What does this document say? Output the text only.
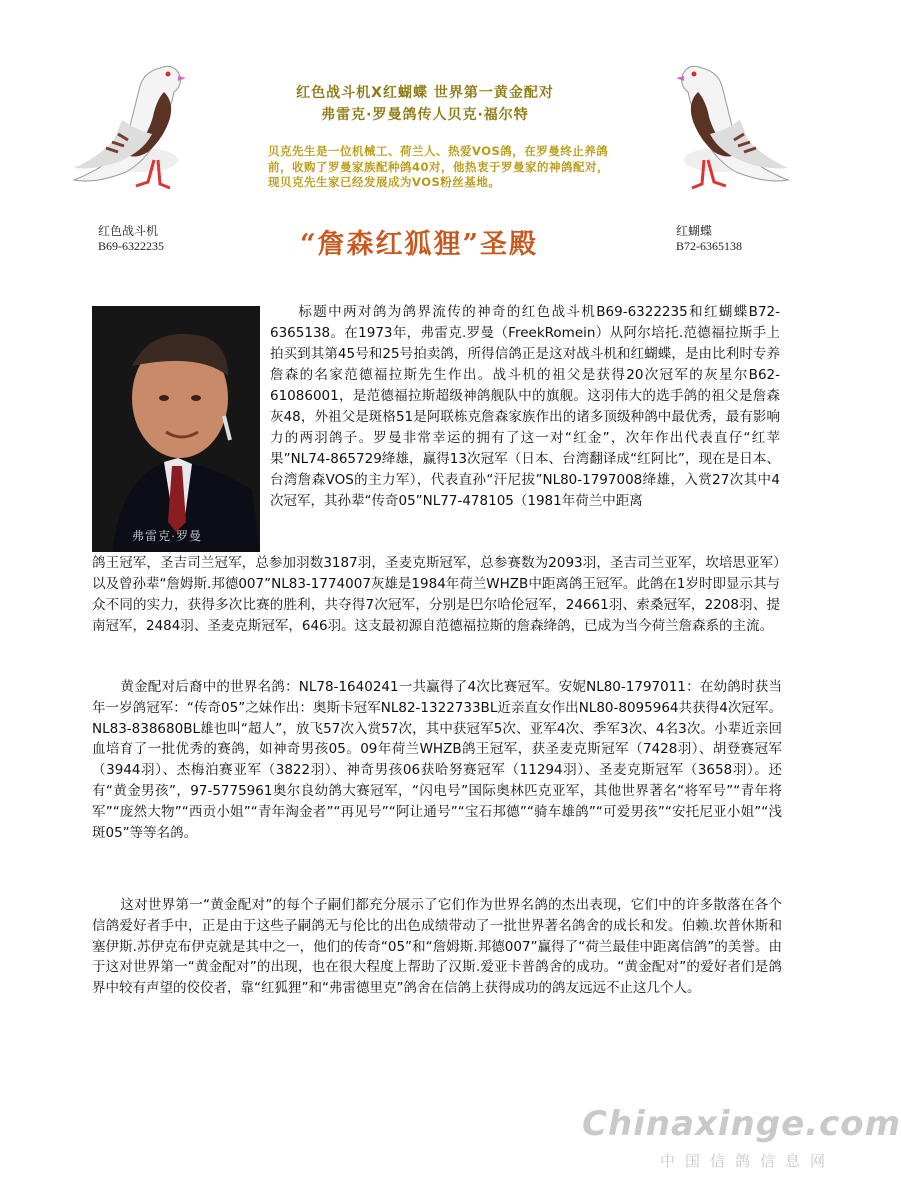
红色战斗机
B69-6322235
红蝴蝶
B72-6365138
红色战斗机X红蝴蝶 世界第一黄金配对
弗雷克·罗曼鸽传人贝克·福尔特
贝克先生是一位机械工、荷兰人、热爱VOS鸽，在罗曼终止养鸽前，收购了罗曼家族配种鸽40对，他热衷于罗曼家的神鸽配对，现贝克先生家已经发展成为VOS粉丝基地。
“詹森红狐狸”圣殿
弗雷克·罗曼
标题中两对鸽为鸽界流传的神奇的红色战斗机B69-6322235和红蝴蝶B72-6365138。在1973年，弗雷克.罗曼（FreekRomein）从阿尔培托.范德福拉斯手上拍买到其第45号和25号拍卖鸽，所得信鸽正是这对战斗机和红蝴蝶，是由比利时专养詹森的名家范德福拉斯先生作出。战斗机的祖父是获得20次冠军的灰星尔B62-61086001，是范德福拉斯超级神鸽舰队中的旗舰。这羽伟大的选手鸽的祖父是詹森灰48，外祖父是斑格51是阿联栋克詹森家族作出的诸多顶级种鸽中最优秀，最有影响力的两羽鸽子。罗曼非常幸运的拥有了这一对“红金”，次年作出代表直仔“红苹果”NL74-865729绛雄，赢得13次冠军（日本、台湾翻译成“红阿比”，现在是日本、台湾詹森VOS的主力军），代表直孙“汗尼拔”NL80-1797008绛雄，入赏27次其中4次冠军，其孙辈“传奇05”NL77-478105（1981年荷兰中距离
鸽王冠军，圣吉司兰冠军，总参加羽数3187羽，圣麦克斯冠军，总参赛数为2093羽，圣吉司兰亚军，坎培思亚军）以及曾孙辈“詹姆斯.邦德007”NL83-1774007灰雄是1984年荷兰WHZB中距离鸽王冠军。此鸽在1岁时即显示其与众不同的实力，获得多次比赛的胜利，共夺得7次冠军，分别是巴尔哈伦冠军，24661羽、索桑冠军，2208羽、提南冠军，2484羽、圣麦克斯冠军，646羽。这支最初源自范德福拉斯的詹森绛鸽，已成为当今荷兰詹森系的主流。
黄金配对后裔中的世界名鸽：NL78-1640241一共赢得了4次比赛冠军。安妮NL80-1797011：在幼鸽时获当年一岁鸽冠军：“传奇05”之妹作出：奥斯卡冠军NL82-1322733BL近亲直女作出NL80-8095964共获得4次冠军。NL83-838680BL雄也叫“超人”，放飞57次入赏57次，其中获冠军5次、亚军4次、季军3次、4名3次。小辈近亲回血培育了一批优秀的赛鸽，如神奇男孩05。09年荷兰WHZB鸽王冠军，获圣麦克斯冠军（7428羽）、胡登赛冠军（3944羽）、杰梅泊赛亚军（3822羽）、神奇男孩06获哈努赛冠军（11294羽）、圣麦克斯冠军（3658羽）。还有“黄金男孩”，97-5775961奥尔良幼鸽大赛冠军，“闪电号”国际奥林匹克亚军，其他世界著名“将军号”“青年将军”“庞然大物”“西贡小姐”“青年淘金者”“再见号”“阿让通号”“宝石邦德”“骑车雄鸽”“可爱男孩”“安托尼亚小姐”“浅斑05”等等名鸽。
这对世界第一“黄金配对”的每个子嗣们都充分展示了它们作为世界名鸽的杰出表现，它们中的许多散落在各个信鸽爱好者手中，正是由于这些子嗣鸽无与伦比的出色成绩带动了一批世界著名鸽舍的成长和发。伯赖.坎普休斯和塞伊斯.苏伊克布伊克就是其中之一，他们的传奇“05”和“詹姆斯.邦德007”赢得了“荷兰最佳中距离信鸽”的美誉。由于这对世界第一“黄金配对”的出现，也在很大程度上帮助了汉斯.爱亚卡普鸽舍的成功。“黄金配对”的爱好者们是鸽界中较有声望的佼佼者，靠“红狐狸”和“弗雷德里克”鸽舍在信鸽上获得成功的鸽友远远不止这几个人。
Chinaxinge.com
中国信鸽信息网
